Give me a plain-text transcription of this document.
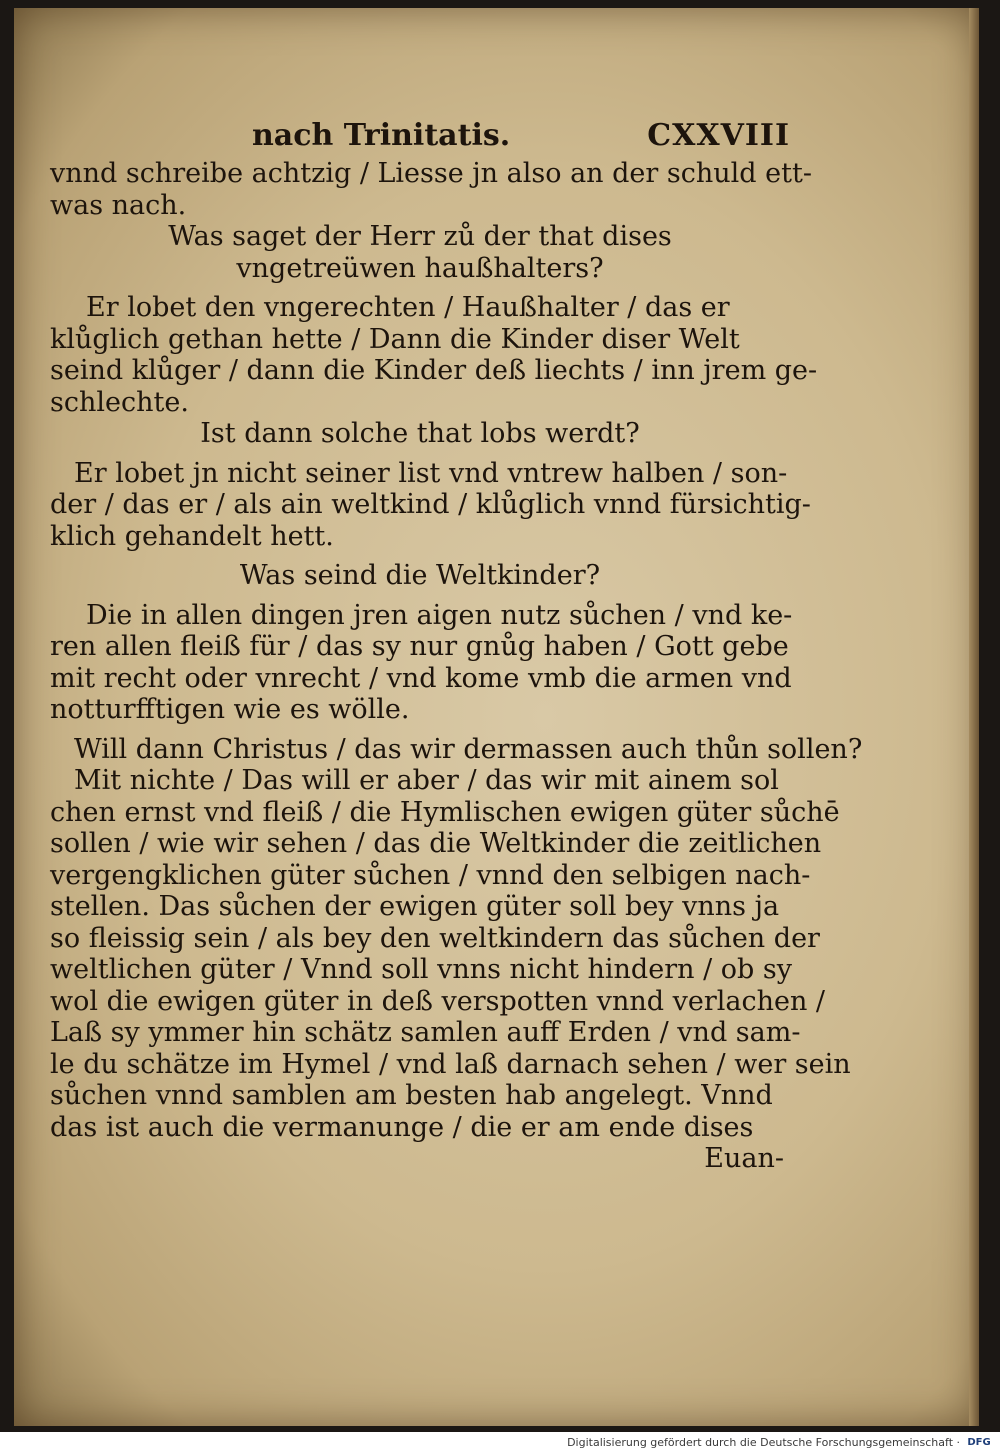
nach Trinitatis.	CXXVIII
vnnd schreibe achtzig / Liesse jn also an der schuld ett-
was nach.
Was saget der Herr zů der that dises
vngetreüwen haußhalters?
Er lobet den vngerechten / Haußhalter / das er
klůglich gethan hette / Dann die Kinder diser Welt
seind klůger / dann die Kinder deß liechts / inn jrem ge-
schlechte.
Ist dann solche that lobs werdt?
Er lobet jn nicht seiner list vnd vntrew halben / son-
der / das er / als ain weltkind / klůglich vnnd fürsichtig-
klich gehandelt hett.
Was seind die Weltkinder?
Die in allen dingen jren aigen nutz sůchen / vnd ke-
ren allen fleiß für / das sy nur gnůg haben / Gott gebe
mit recht oder vnrecht / vnd kome vmb die armen vnd
notturfftigen wie es wölle.
Will dann Christus / das wir dermassen auch thůn sollen?
Mit nichte / Das will er aber / das wir mit ainem sol
chen ernst vnd fleiß / die Hymlischen ewigen güter sůchē
sollen / wie wir sehen / das die Weltkinder die zeitlichen
vergengklichen güter sůchen / vnnd den selbigen nach-
stellen. Das sůchen der ewigen güter soll bey vnns ja
so fleissig sein / als bey den weltkindern das sůchen der
weltlichen güter / Vnnd soll vnns nicht hindern / ob sy
wol die ewigen güter in deß verspotten vnnd verlachen /
Laß sy ymmer hin schätz samlen auff Erden / vnd sam-
le du schätze im Hymel / vnd laß darnach sehen / wer sein
sůchen vnnd samblen am besten hab angelegt. Vnnd
das ist auch die vermanunge / die er am ende dises
Euan-
Digitalisierung gefördert durch die Deutsche Forschungsgemeinschaft · DFG
